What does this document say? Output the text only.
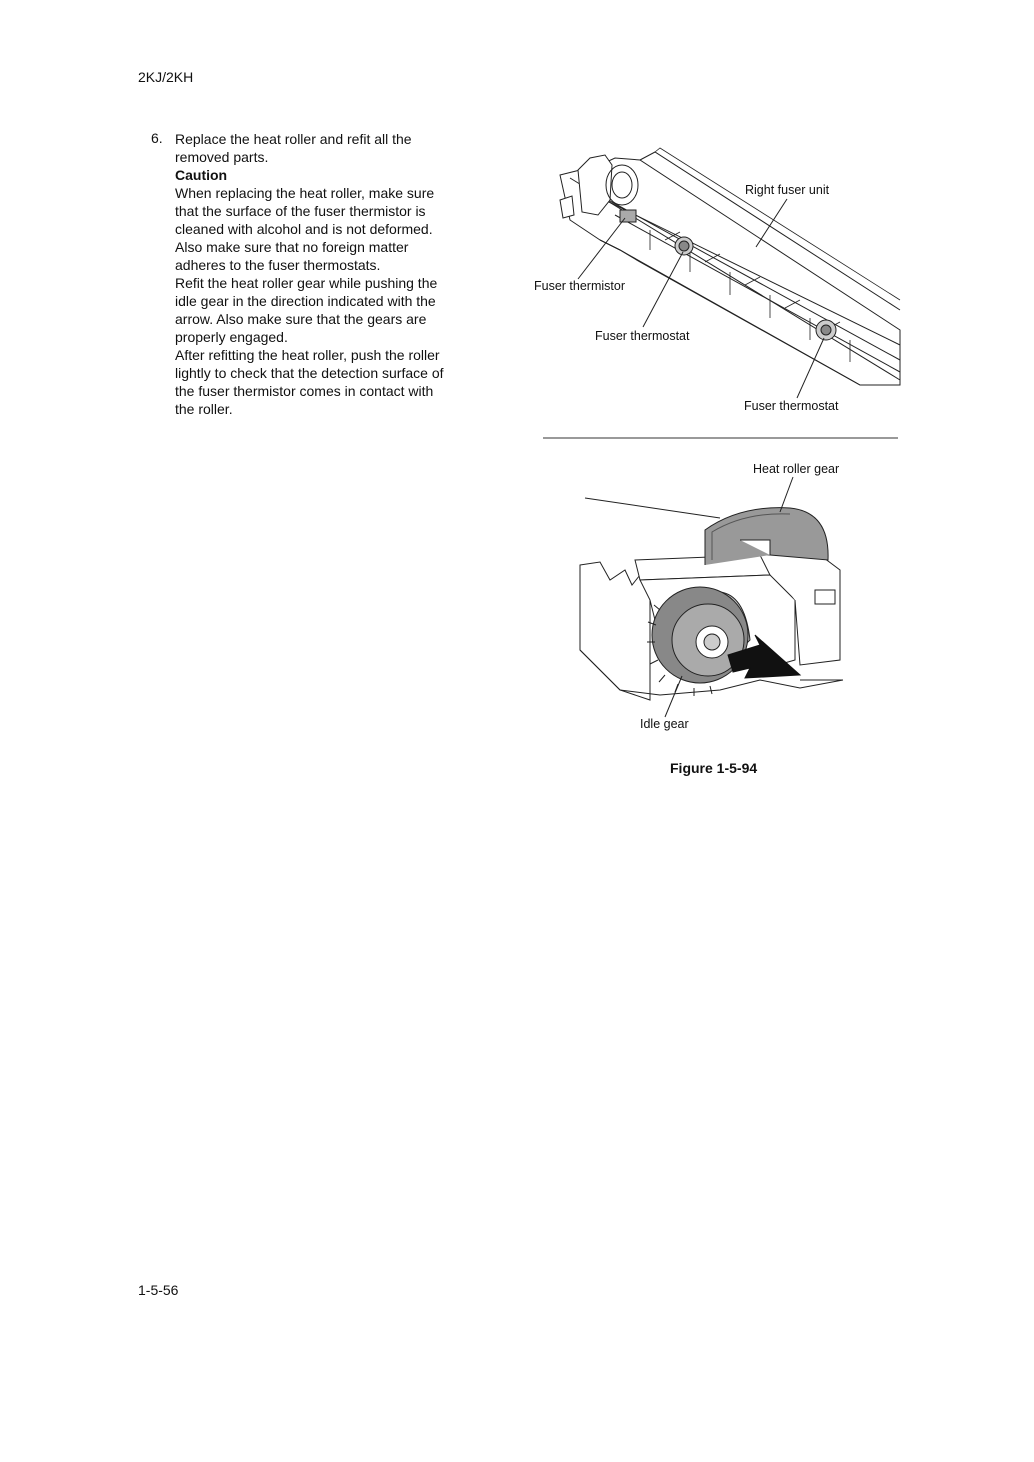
2KJ/2KH
1-5-56
6. Replace the heat roller and refit all the
removed parts.
Caution
When replacing the heat roller, make sure
that the surface of the fuser thermistor is
cleaned with alcohol and is not deformed.
Also make sure that no foreign matter
adheres to the fuser thermostats.
Refit the heat roller gear while pushing the
idle gear in the direction indicated with the
arrow. Also make sure that the gears are
properly engaged.
After refitting the heat roller, push the roller
lightly to check that the detection surface of
the fuser thermistor comes in contact with
the roller.
Right fuser unit
Fuser thermistor
Fuser thermostat
Fuser thermostat
Heat roller gear
Idle gear
Figure 1-5-94
